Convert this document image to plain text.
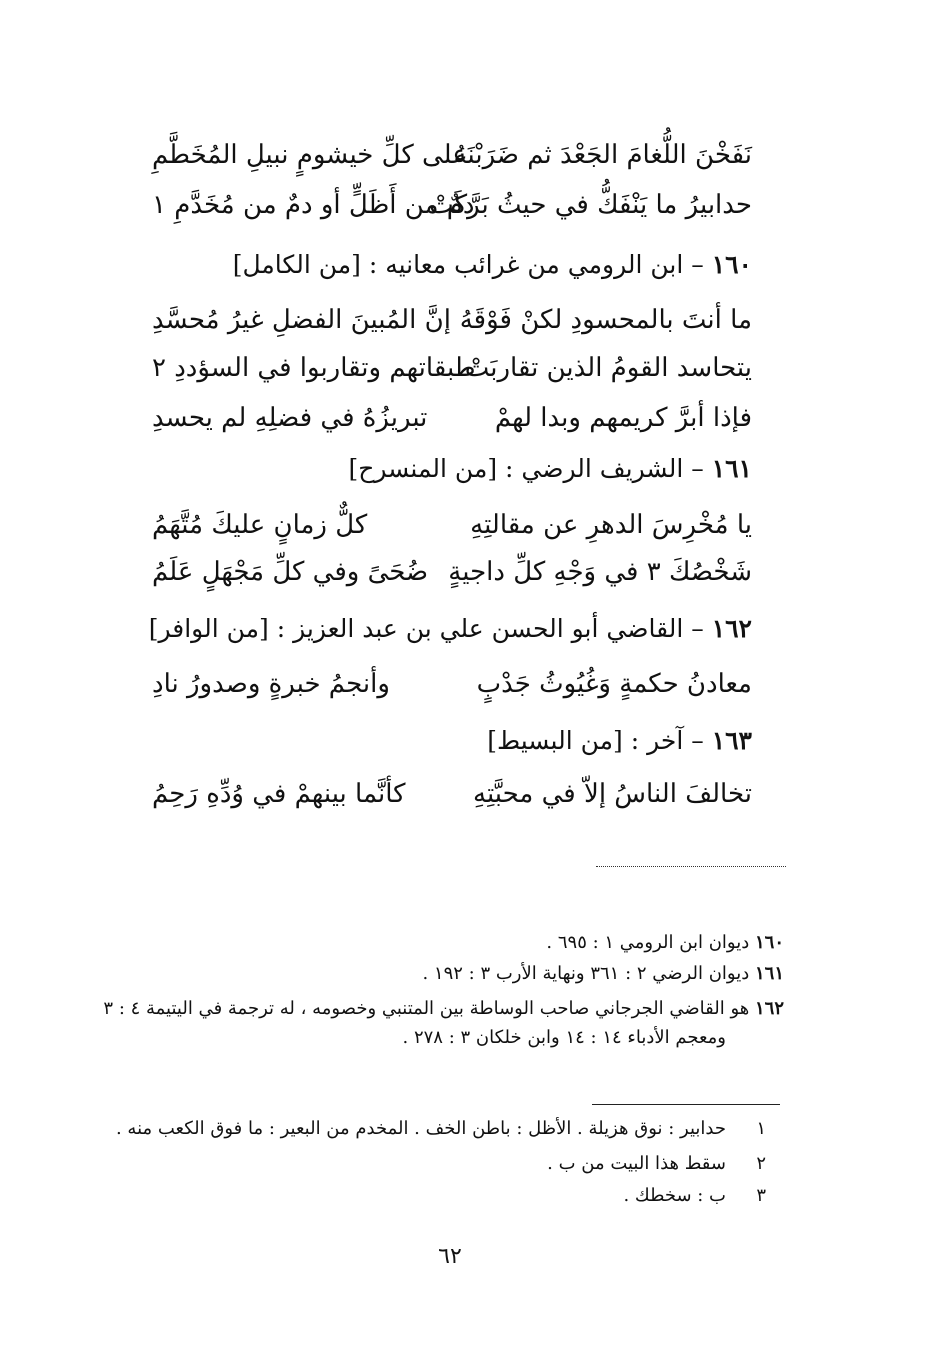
نَفَخْنَ اللُّغامَ الجَعْدَ ثم ضَرَبْنَهُ
على كلِّ خيشومٍ نبيلِ المُخَطَّمِ
حدابيرُ ما يَنْفَكُّ في حيثُ بَرَّكَتْ
دمٌ من أَظَلٍّ أو دمٌ من مُخَدَّمِ ١
١٦٠ – ابن الرومي من غرائب معانيه : [من الكامل]
ما أنتَ بالمحسودِ لكنْ فَوْقَهُ
إنَّ المُبينَ الفضلِ غيرُ مُحسَّدِ
يتحاسد القومُ الذين تقاربَتْ
طبقاتهم وتقاربوا في السؤددِ ٢
فإذا أبرَّ كريمهم وبدا لهمْ
تبريزُهُ في فضلِهِ لم يحسدِ
١٦١ – الشريف الرضي : [من المنسرح]
يا مُخْرِسَ الدهرِ عن مقالتِهِ
كلٌّ زمانٍ عليكَ مُتَّهَمُ
شَخْصُكَ ٣ في وَجْهِ كلِّ داجيةٍ
ضُحَىً وفي كلِّ مَجْهَلٍ عَلَمُ
١٦٢ – القاضي أبو الحسن علي بن عبد العزيز : [من الوافر]
معادنُ حكمةٍ وَغُيُوثُ جَدْبٍ
وأنجمُ خبرةٍ وصدورُ نادِ
١٦٣ – آخر : [من البسيط]
تخالفَ الناسُ إلاّ في محبَّتِهِ
كأنَّما بينهمْ في وُدِّهِ رَحِمُ
١٦٠ ديوان ابن الرومي ١ : ٦٩٥ .
١٦١ ديوان الرضي ٢ : ٣٦١ ونهاية الأرب ٣ : ١٩٢ .
١٦٢ هو القاضي الجرجاني صاحب الوساطة بين المتنبي وخصومه ، له ترجمة في اليتيمة ٤ : ٣
ومعجم الأدباء ١٤ : ١٤ وابن خلكان ٣ : ٢٧٨ .
١حدابير : نوق هزيلة . الأظل : باطن الخف . المخدم من البعير : ما فوق الكعب منه .
٢سقط هذا البيت من ب .
٣ب : سخطك .
٦٢
